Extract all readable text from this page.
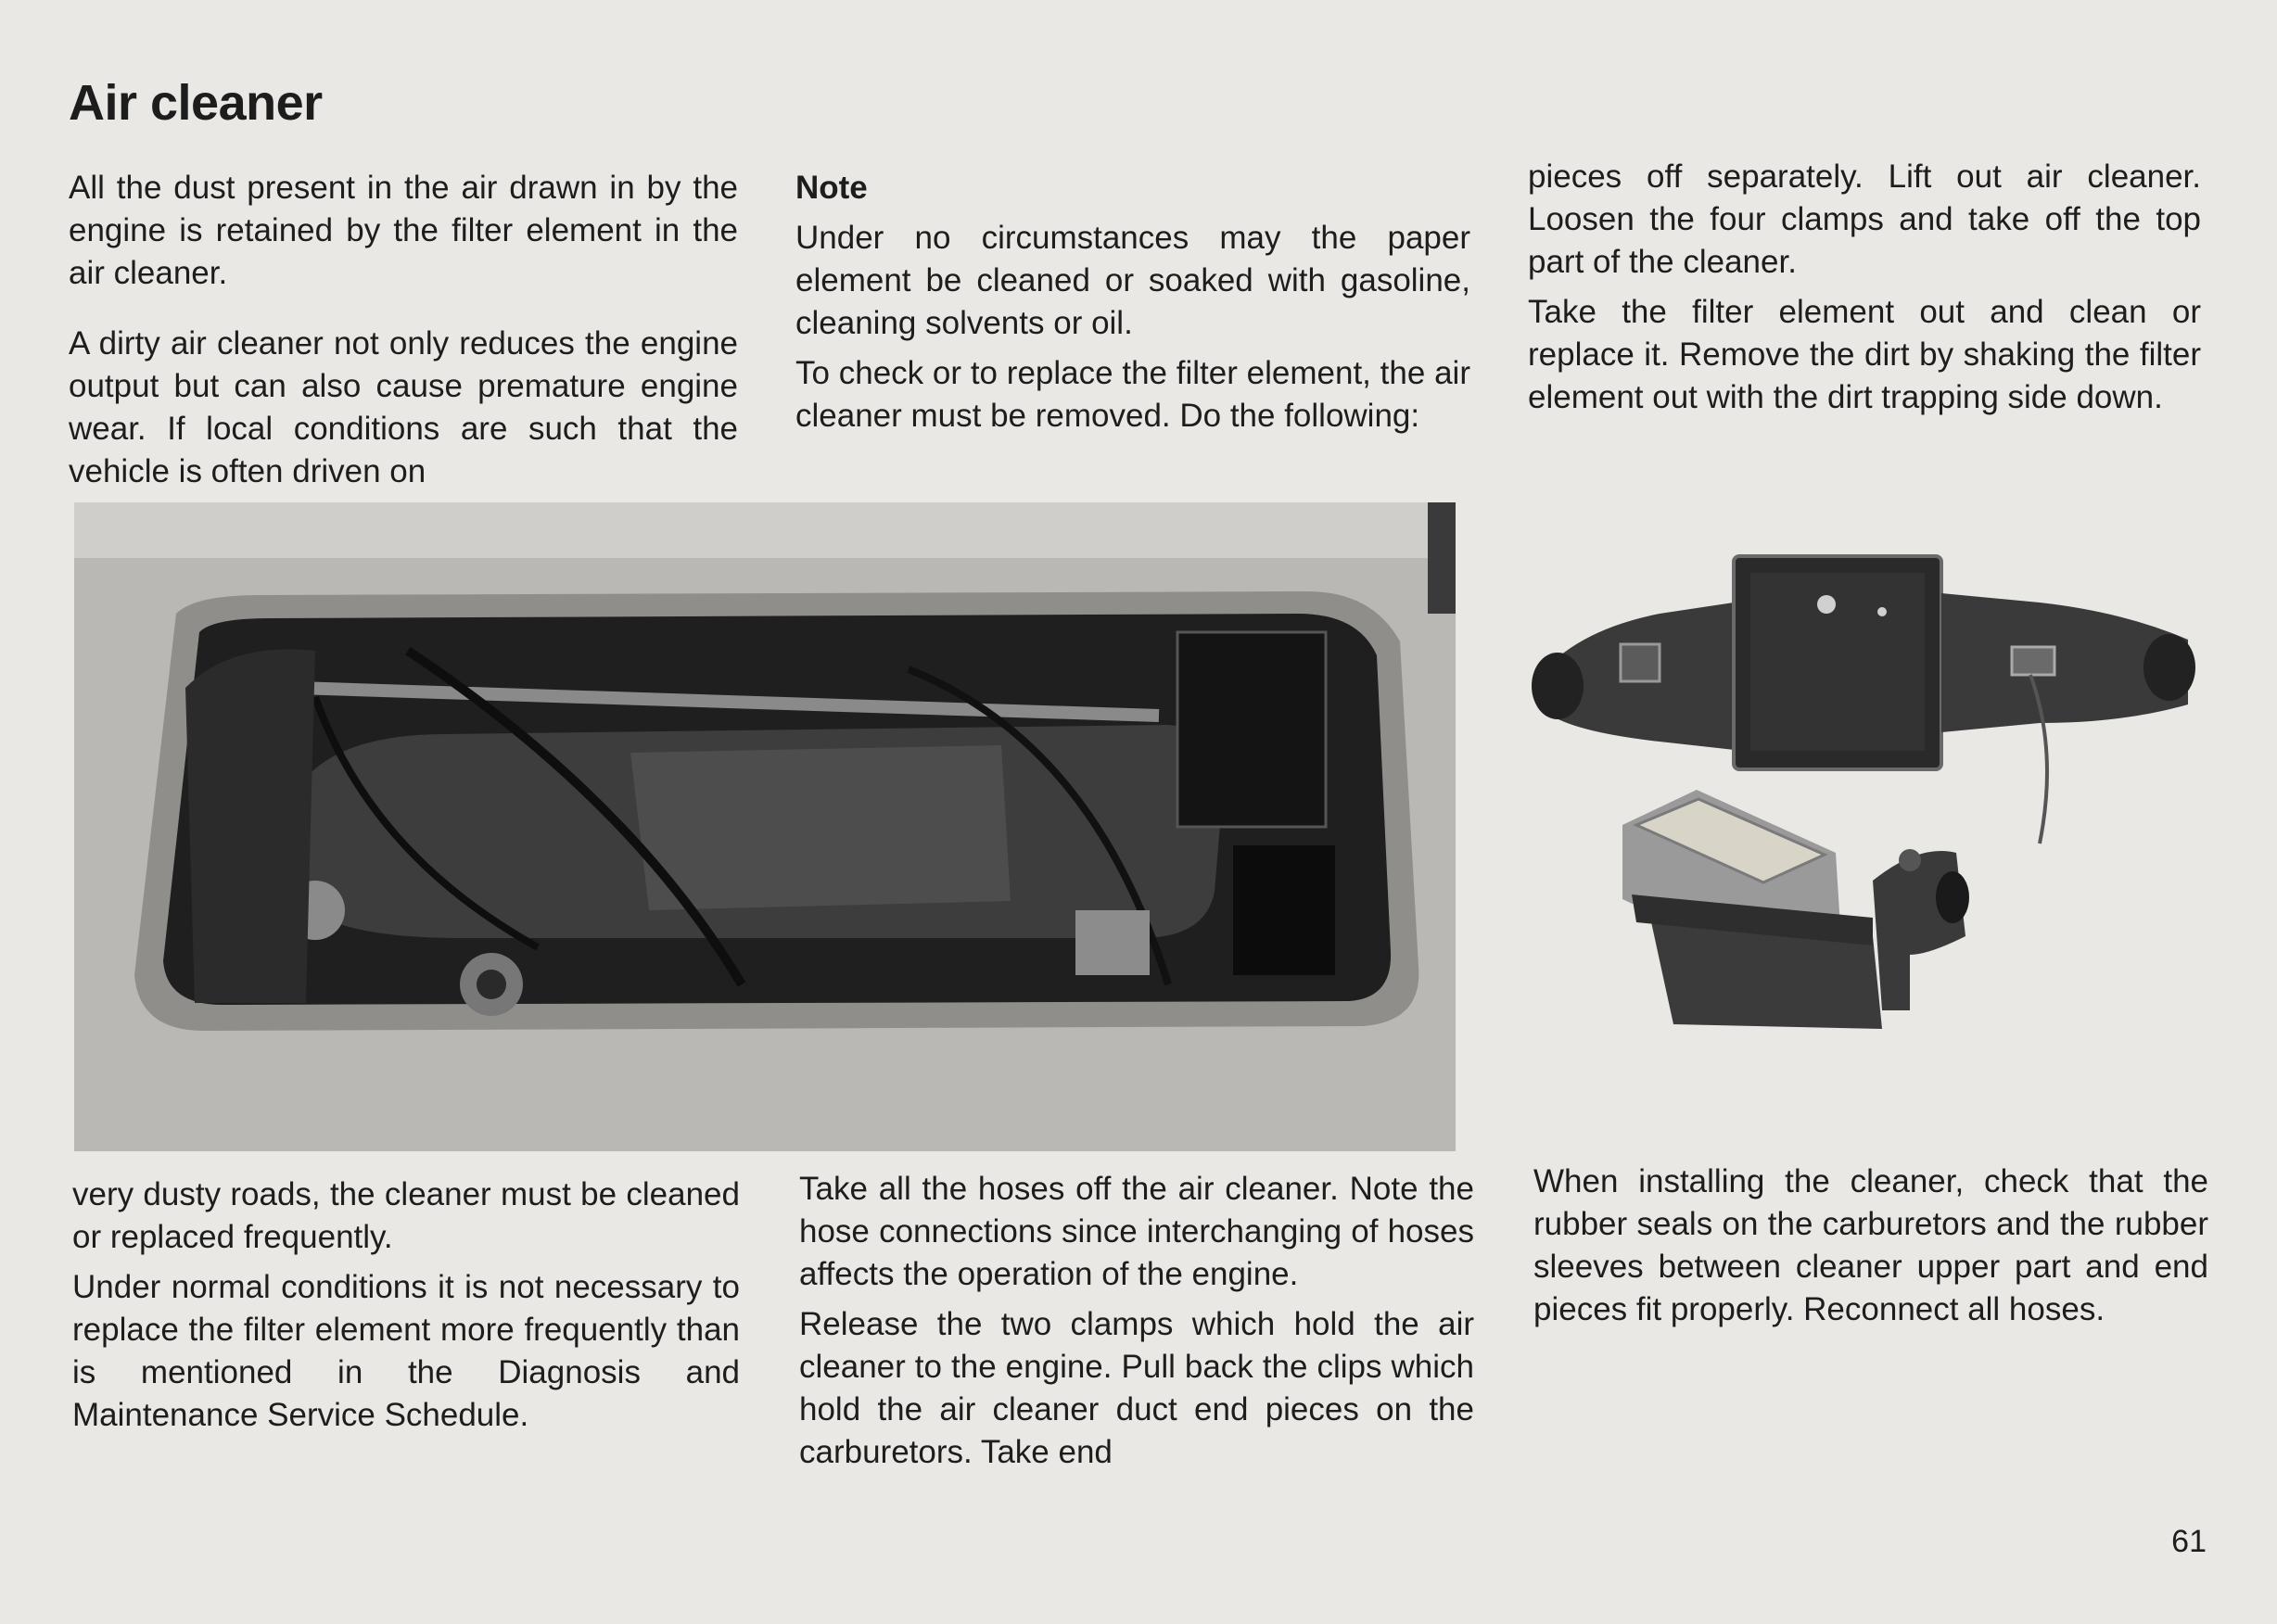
Air cleaner

All the dust present in the air drawn in by the engine is retained by the filter element in the air cleaner.

A dirty air cleaner not only reduces the engine output but can also cause premature engine wear. If local conditions are such that the vehicle is often driven on

Note

Under no circumstances may the paper element be cleaned or soaked with gasoline, cleaning solvents or oil.

To check or to replace the filter element, the air cleaner must be removed. Do the following:

pieces off separately. Lift out air cleaner. Loosen the four clamps and take off the top part of the cleaner.

Take the filter element out and clean or replace it. Remove the dirt by shaking the filter element out with the dirt trapping side down.

very dusty roads, the cleaner must be cleaned or replaced frequently.

Under normal conditions it is not necessary to replace the filter element more frequently than is mentioned in the Diagnosis and Maintenance Service Schedule.

Take all the hoses off the air cleaner. Note the hose connections since interchanging of hoses affects the operation of the engine.

Release the two clamps which hold the air cleaner to the engine. Pull back the clips which hold the air cleaner duct end pieces on the carburetors. Take end

When installing the cleaner, check that the rubber seals on the carburetors and the rubber sleeves between cleaner upper part and end pieces fit properly. Reconnect all hoses.

61
